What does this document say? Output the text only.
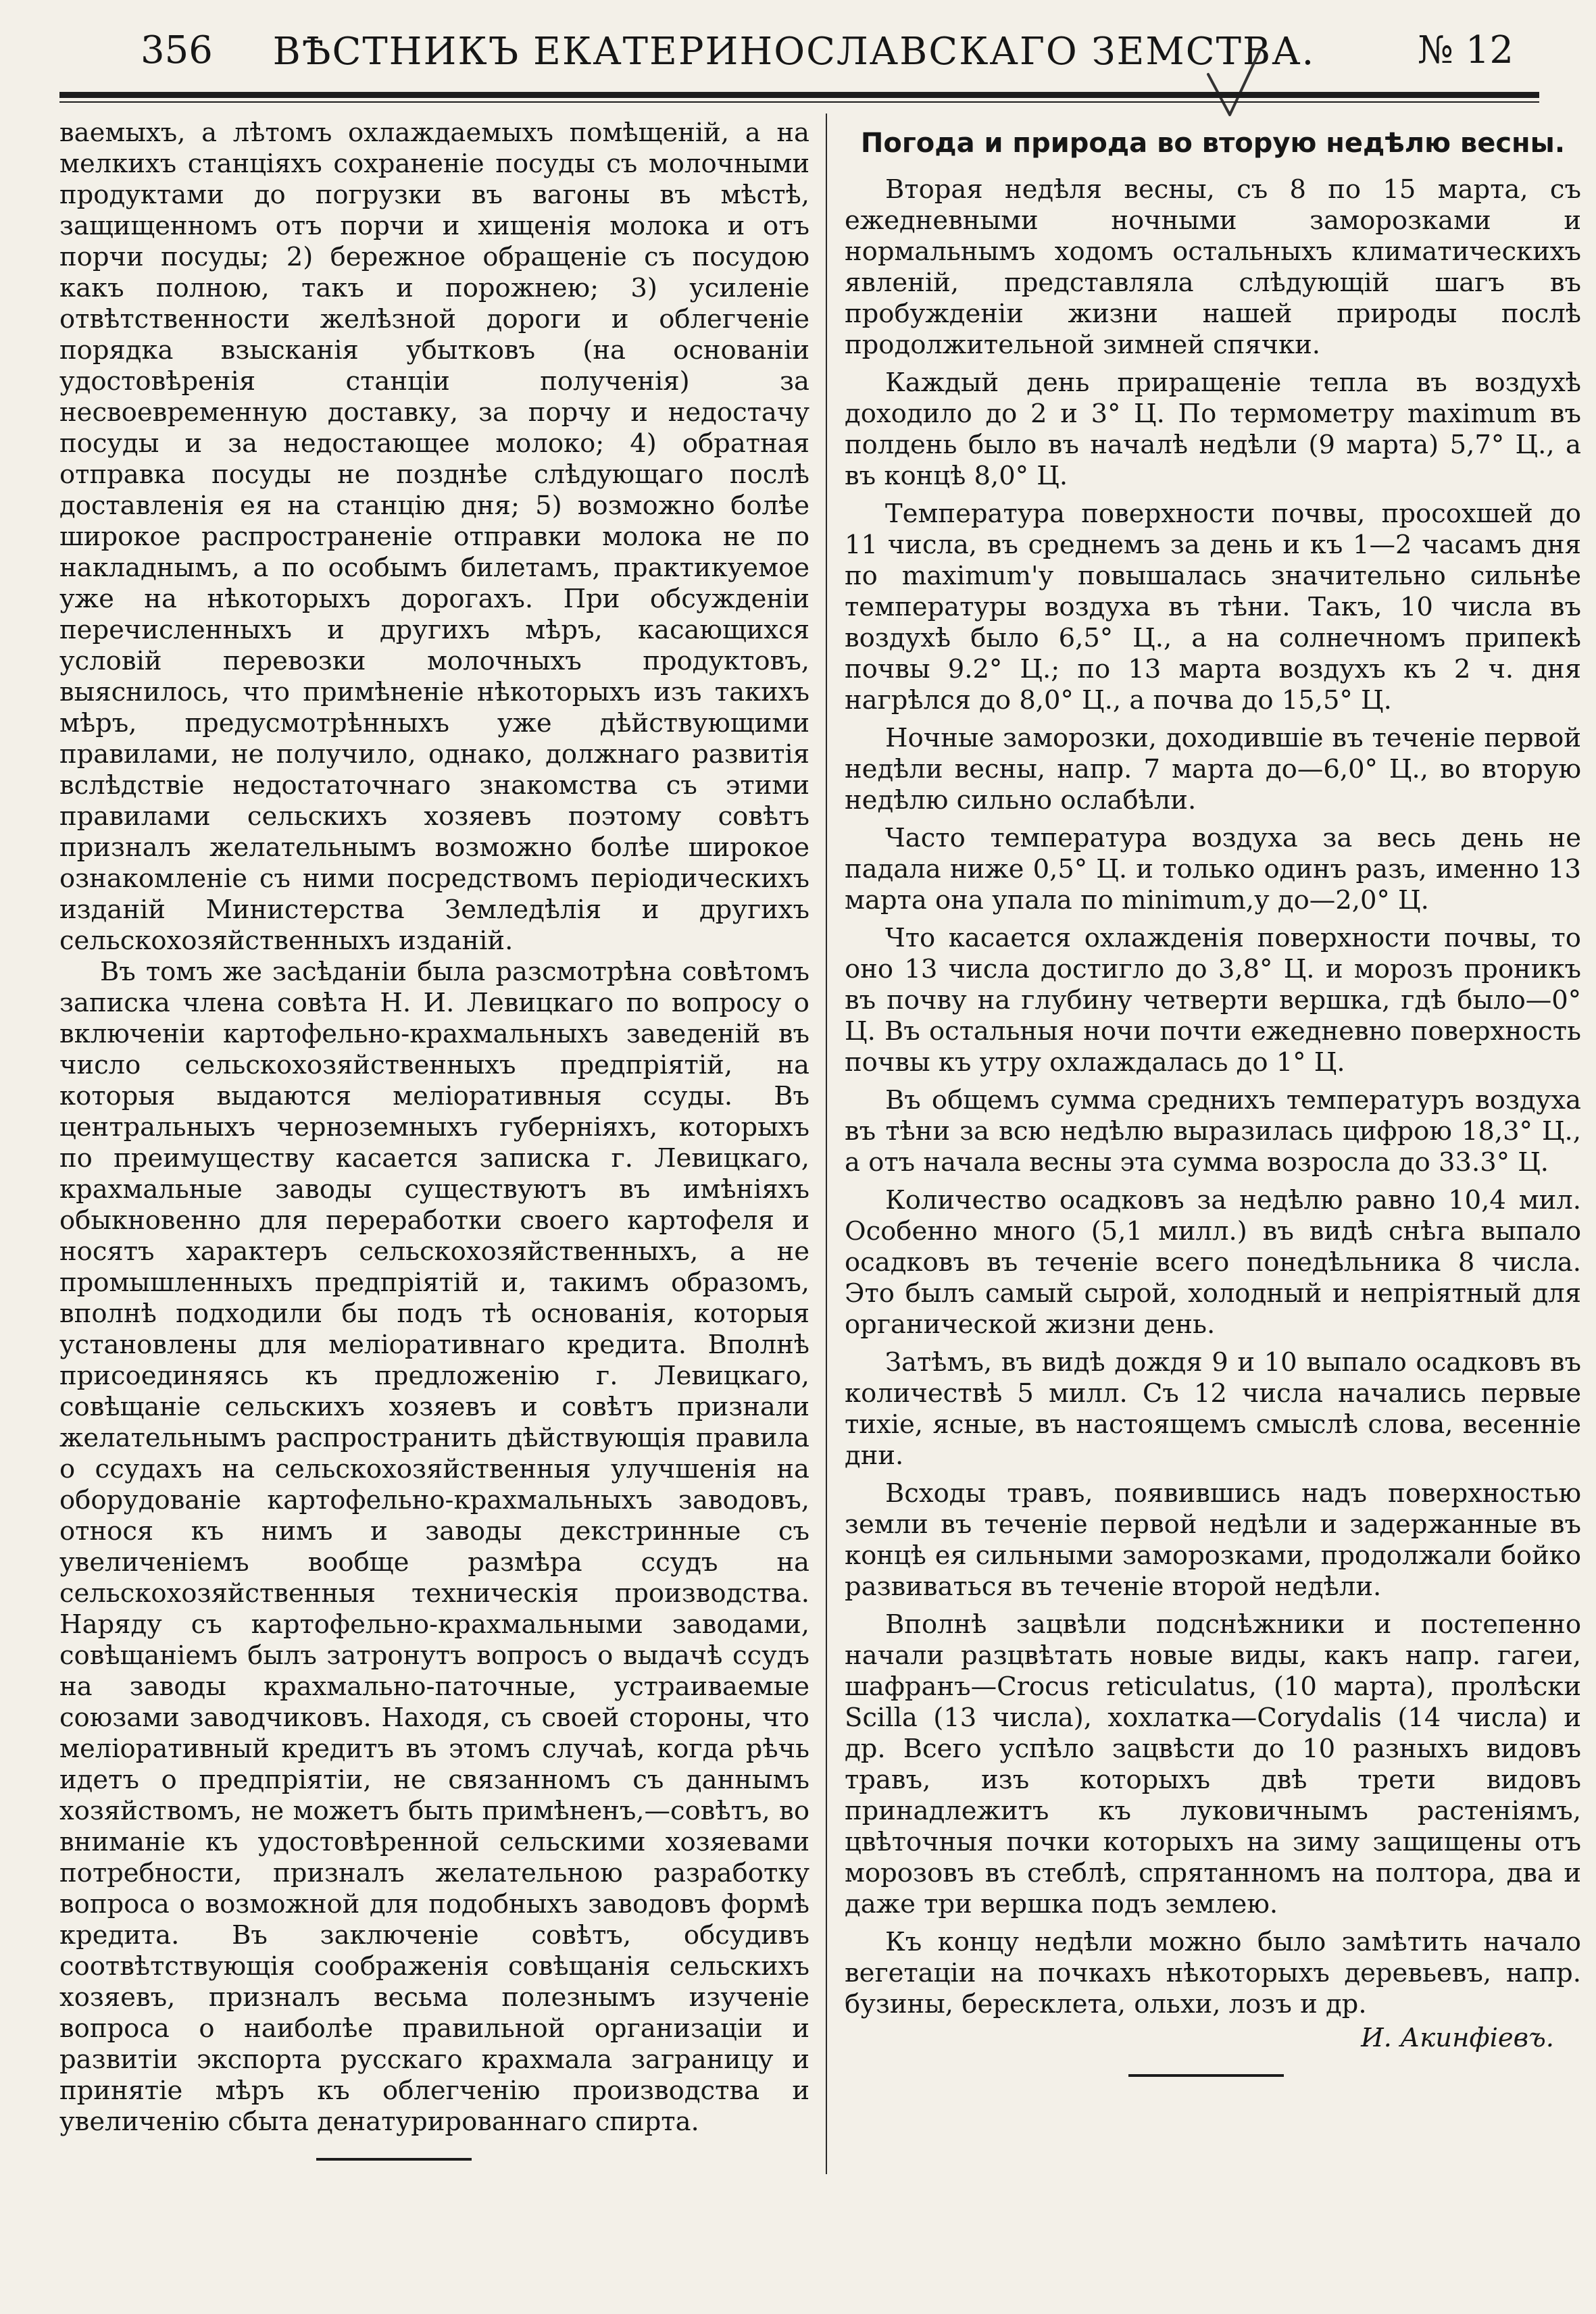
356	ВѢСТНИКЪ ЕКАТЕРИНОСЛАВСКАГО ЗЕМСТВА.	№ 12

ваемыхъ, а лѣтомъ охлаждаемыхъ помѣщеній, а на мелкихъ станціяхъ сохраненіе посуды съ молочными продуктами до погрузки въ вагоны въ мѣстѣ, защищенномъ отъ порчи и хищенія молока и отъ порчи посуды; 2) бережное обращеніе съ посудою какъ полною, такъ и порожнею; 3) усиленіе отвѣтственности желѣзной дороги и облегченіе порядка взысканія убытковъ (на основаніи удостовѣренія станціи полученія) за несвоевременную доставку, за порчу и недостачу посуды и за недостающее молоко; 4) обратная отправка посуды не позднѣе слѣдующаго послѣ доставленія ея на станцію дня; 5) возможно болѣе широкое распространеніе отправки молока не по накладнымъ, а по особымъ билетамъ, практикуемое уже на нѣкоторыхъ дорогахъ. При обсужденіи перечисленныхъ и другихъ мѣръ, касающихся условій перевозки молочныхъ продуктовъ, выяснилось, что примѣненіе нѣкоторыхъ изъ такихъ мѣръ, предусмотрѣнныхъ уже дѣйствующими правилами, не получило, однако, должнаго развитія вслѣдствіе недостаточнаго знакомства съ этими правилами сельскихъ хозяевъ поэтому совѣтъ призналъ желательнымъ возможно болѣе широкое ознакомленіе съ ними посредствомъ періодическихъ изданій Министерства Земледѣлія и другихъ сельскохозяйственныхъ изданій.

Въ томъ же засѣданіи была разсмотрѣна совѣтомъ записка члена совѣта Н. И. Левицкаго по вопросу о включеніи картофельно-крахмальныхъ заведеній въ число сельскохозяйственныхъ предпріятій, на которыя выдаются меліоративныя ссуды. Въ центральныхъ черноземныхъ губерніяхъ, которыхъ по преимуществу касается записка г. Левицкаго, крахмальные заводы существуютъ въ имѣніяхъ обыкновенно для переработки своего картофеля и носятъ характеръ сельскохозяйственныхъ, а не промышленныхъ предпріятій и, такимъ образомъ, вполнѣ подходили бы подъ тѣ основанія, которыя установлены для меліоративнаго кредита. Вполнѣ присоединяясь къ предложенію г. Левицкаго, совѣщаніе сельскихъ хозяевъ и совѣтъ признали желательнымъ распространить дѣйствующія правила о ссудахъ на сельскохозяйственныя улучшенія на оборудованіе картофельно-крахмальныхъ заводовъ, относя къ нимъ и заводы декстринные съ увеличеніемъ вообще размѣра ссудъ на сельскохозяйственныя техническія производства. Наряду съ картофельно-крахмальными заводами, совѣщаніемъ былъ затронутъ вопросъ о выдачѣ ссудъ на заводы крахмально-паточные, устраиваемые союзами заводчиковъ. Находя, съ своей стороны, что меліоративный кредитъ въ этомъ случаѣ, когда рѣчь идетъ о предпріятіи, не связанномъ съ даннымъ хозяйствомъ, не можетъ быть примѣненъ,—совѣтъ, во вниманіе къ удостовѣренной сельскими хозяевами потребности, призналъ желательною разработку вопроса о возможной для подобныхъ заводовъ формѣ кредита. Въ заключеніе совѣтъ, обсудивъ соотвѣтствующія соображенія совѣщанія сельскихъ хозяевъ, призналъ весьма полезнымъ изученіе вопроса о наиболѣе правильной организаціи и развитіи экспорта русскаго крахмала заграницу и принятіе мѣръ къ облегченію производства и увеличенію сбыта денатурированнаго спирта.

Погода и природа во вторую недѣлю весны.

Вторая недѣля весны, съ 8 по 15 марта, съ ежедневными ночными заморозками и нормальнымъ ходомъ остальныхъ климатическихъ явленій, представляла слѣдующій шагъ въ пробужденіи жизни нашей природы послѣ продолжительной зимней спячки.

Каждый день приращеніе тепла въ воздухѣ доходило до 2 и 3° Ц. По термометру maximum въ полдень было въ началѣ недѣли (9 марта) 5,7° Ц., а въ концѣ 8,0° Ц.

Температура поверхности почвы, просохшей до 11 числа, въ среднемъ за день и къ 1—2 часамъ дня по maximum'у повышалась значительно сильнѣе температуры воздуха въ тѣни. Такъ, 10 числа въ воздухѣ было 6,5° Ц., а на солнечномъ припекѣ почвы 9.2° Ц.; по 13 марта воздухъ къ 2 ч. дня нагрѣлся до 8,0° Ц., а почва до 15,5° Ц.

Ночные заморозки, доходившіе въ теченіе первой недѣли весны, напр. 7 марта до—6,0° Ц., во вторую недѣлю сильно ослабѣли.

Часто температура воздуха за весь день не падала ниже 0,5° Ц. и только одинъ разъ, именно 13 марта она упала по minimum,у до—2,0° Ц.

Что касается охлажденія поверхности почвы, то оно 13 числа достигло до 3,8° Ц. и морозъ проникъ въ почву на глубину четверти вершка, гдѣ было—0° Ц. Въ остальныя ночи почти ежедневно поверхность почвы къ утру охлаждалась до 1° Ц.

Въ общемъ сумма среднихъ температуръ воздуха въ тѣни за всю недѣлю выразилась цифрою 18,3° Ц., а отъ начала весны эта сумма возросла до 33.3° Ц.

Количество осадковъ за недѣлю равно 10,4 мил. Особенно много (5,1 милл.) въ видѣ снѣга выпало осадковъ въ теченіе всего понедѣльника 8 числа. Это былъ самый сырой, холодный и непріятный для органической жизни день.

Затѣмъ, въ видѣ дождя 9 и 10 выпало осадковъ въ количествѣ 5 милл. Съ 12 числа начались первые тихіе, ясные, въ настоящемъ смыслѣ слова, весенніе дни.

Всходы травъ, появившись надъ поверхностью земли въ теченіе первой недѣли и задержанные въ концѣ ея сильными заморозками, продолжали бойко развиваться въ теченіе второй недѣли.

Вполнѣ зацвѣли подснѣжники и постепенно начали разцвѣтать новые виды, какъ напр. гагеи, шафранъ—Crocus reticulatus, (10 марта), пролѣски Scilla (13 числа), хохлатка—Corydalis (14 числа) и др. Всего успѣло зацвѣсти до 10 разныхъ видовъ травъ, изъ которыхъ двѣ трети видовъ принадлежитъ къ луковичнымъ растеніямъ, цвѣточныя почки которыхъ на зиму защищены отъ морозовъ въ стеблѣ, спрятанномъ на полтора, два и даже три вершка подъ землею.

Къ концу недѣли можно было замѣтить начало вегетаціи на почкахъ нѣкоторыхъ деревьевъ, напр. бузины, бересклета, ольхи, лозъ и др.

И. Акинфіевъ.
